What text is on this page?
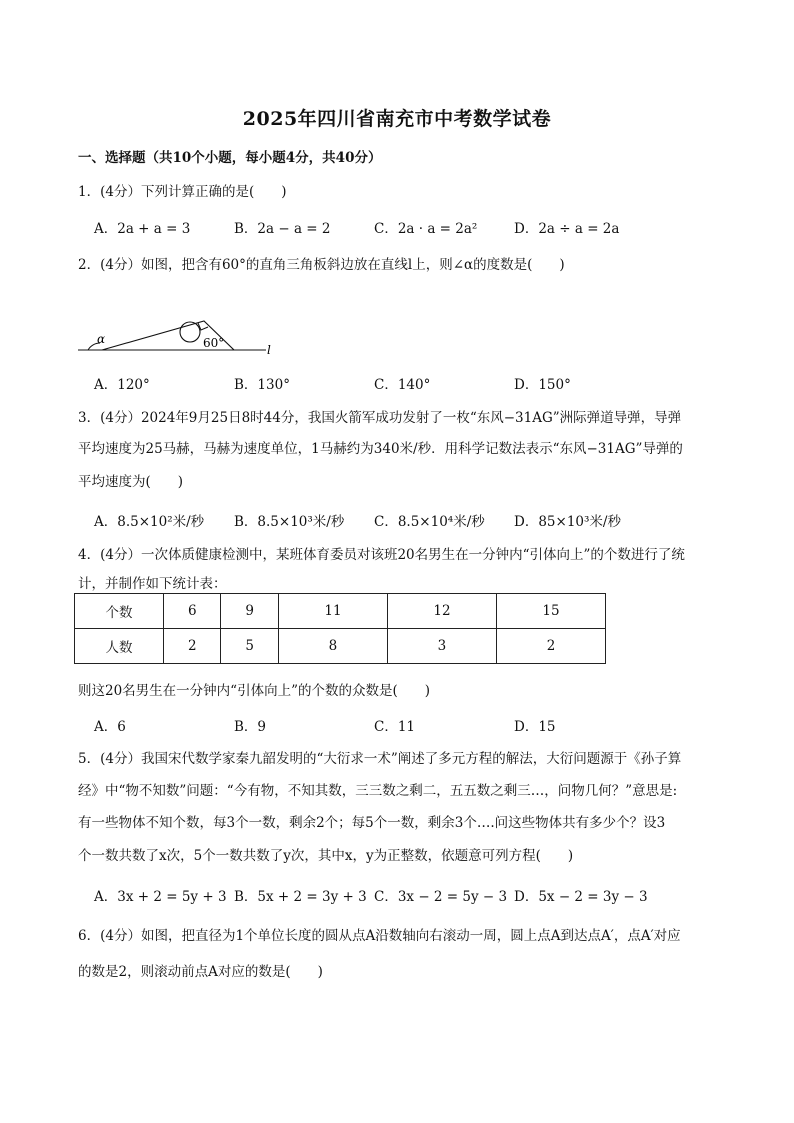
2025年四川省南充市中考数学试卷
一、选择题（共10个小题，每小题4分，共40分）
1．(4分）下列计算正确的是(　　)
A．2a + a = 3	B．2a − a = 2	C．2a · a = 2a²	D．2a ÷ a = 2a
2．(4分）如图，把含有60°的直角三角板斜边放在直线l上，则∠α的度数是(　　)
α	60°	l
A．120°	B．130°	C．140°	D．150°
3．(4分）2024年9月25日8时44分，我国火箭军成功发射了一枚“东风−31AG”洲际弹道导弹，导弹
平均速度为25马赫，马赫为速度单位，1马赫约为340米/秒．用科学记数法表示“东风−31AG”导弹的
平均速度为(　　)
A．8.5×10²米/秒	B．8.5×10³米/秒	C．8.5×10⁴米/秒	D．85×10³米/秒
4．(4分）一次体质健康检测中，某班体育委员对该班20名男生在一分钟内“引体向上”的个数进行了统
计，并制作如下统计表：
个数	6	9	11	12	15
人数	2	5	8	3	2
则这20名男生在一分钟内“引体向上”的个数的众数是(　　)
A．6	B．9	C．11	D．15
5．(4分）我国宋代数学家秦九韶发明的“大衍求一术”阐述了多元方程的解法，大衍问题源于《孙子算
经》中“物不知数”问题：“今有物，不知其数，三三数之剩二，五五数之剩三…，问物几何？”意思是:
有一些物体不知个数，每3个一数，剩余2个；每5个一数，剩余3个….问这些物体共有多少个？设3
个一数共数了x次，5个一数共数了y次，其中x，y为正整数，依题意可列方程(　　)
A．3x + 2 = 5y + 3 B．5x + 2 = 3y + 3 C．3x − 2 = 5y − 3 D．5x − 2 = 3y − 3
6．(4分）如图，把直径为1个单位长度的圆从点A沿数轴向右滚动一周，圆上点A到达点A′，点A′对应
的数是2，则滚动前点A对应的数是(　　)
